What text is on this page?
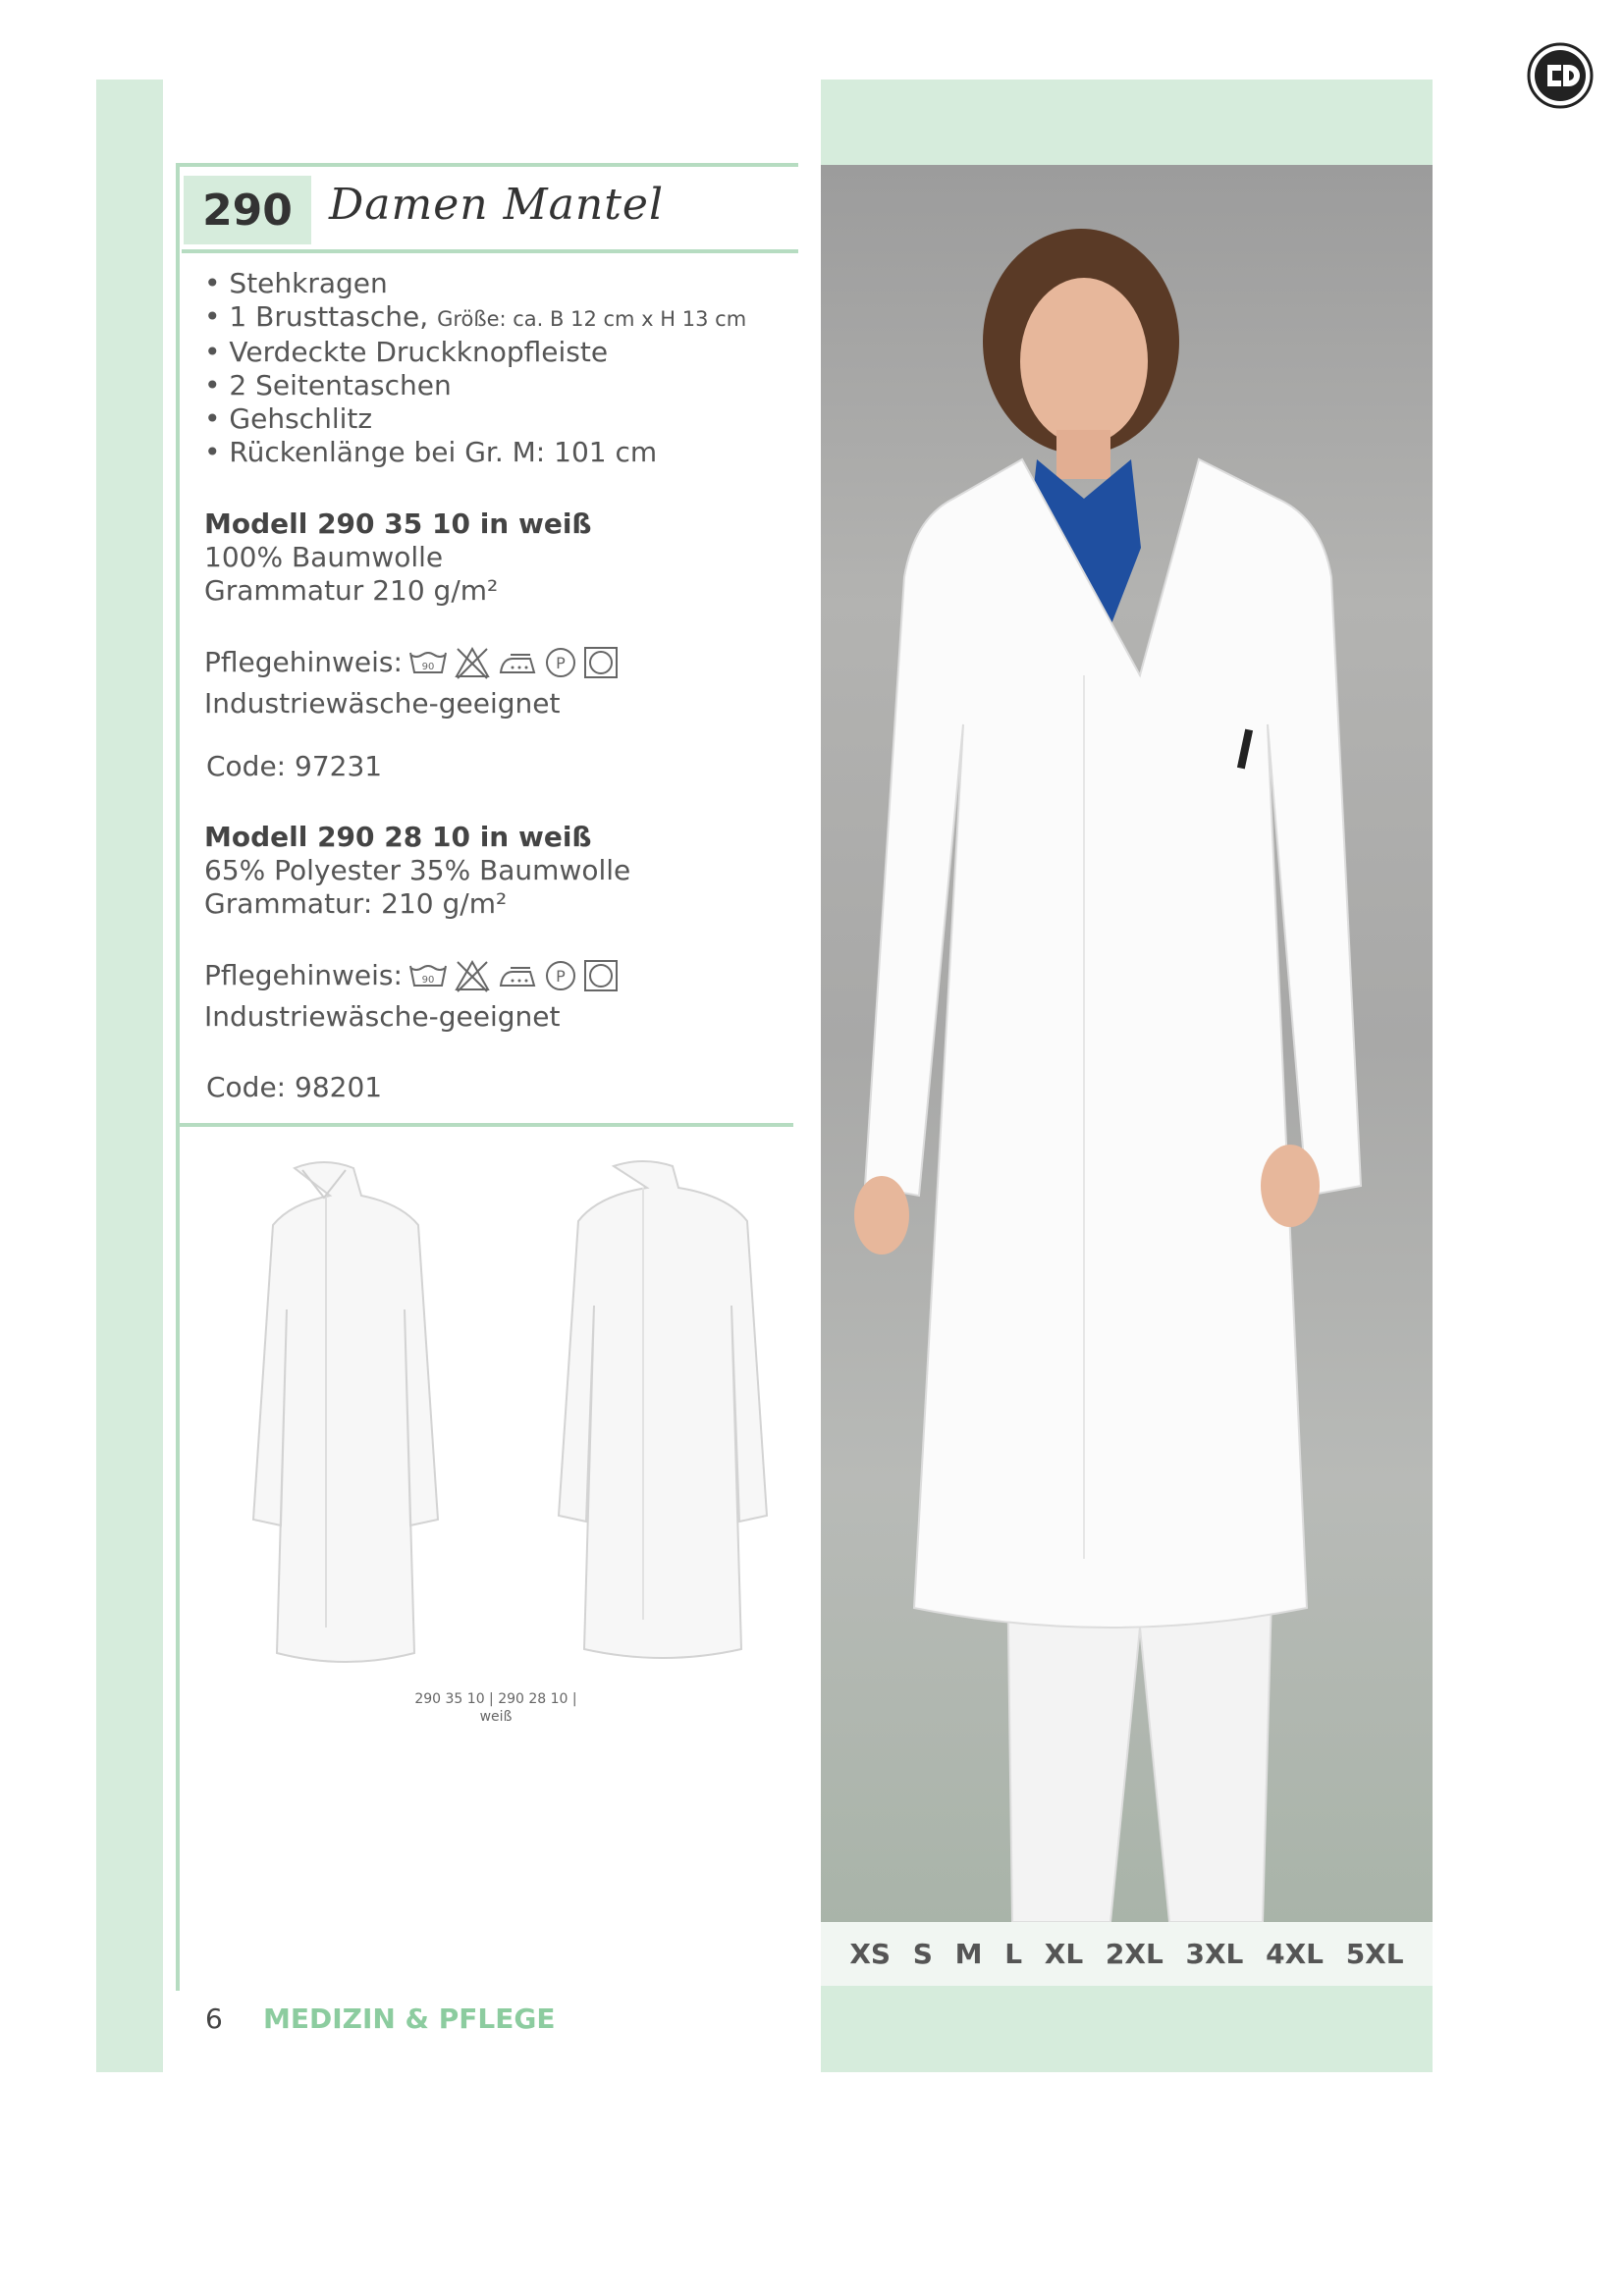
290 Damen Mantel
• Stehkragen
• 1 Brusttasche, Größe: ca. B 12 cm x H 13 cm
• Verdeckte Druckknopfleiste
• 2 Seitentaschen
• Gehschlitz
• Rückenlänge bei Gr. M: 101 cm
Modell 290 35 10 in weiß
100% Baumwolle
Grammatur 210 g/m²
Pflegehinweis: 90	P
Industriewäsche-geeignet
Code: 97231
Modell 290 28 10 in weiß
65% Polyester 35% Baumwolle
Grammatur: 210 g/m²
Pflegehinweis: 90	P
Industriewäsche-geeignet
Code: 98201
290 35 10 | 290 28 10 |
weiß
XS S M L XL 2XL 3XL 4XL 5XL
6 MEDIZIN & PFLEGE
